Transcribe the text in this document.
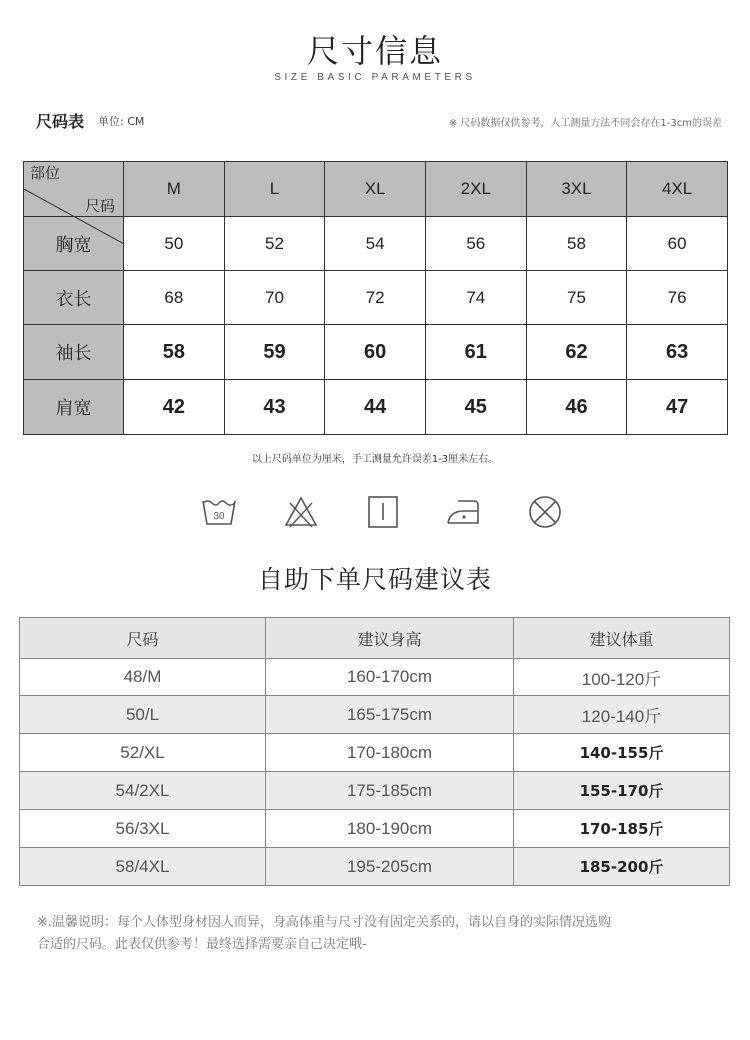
尺寸信息
SIZE BASIC PARAMETERS
尺码表 单位: CM	※ 尺码数据仅供参考，人工测量方法不同会存在1-3cm的误差
尺码
部位	M	L	XL	2XL	3XL	4XL
胸宽	50	52	54	56	58	60
衣长	68	70	72	74	75	76
袖长	58	59	60	61	62	63
肩宽	42	43	44	45	46	47
以上尺码单位为厘米，手工测量允许误差1-3厘米左右。
30
自助下单尺码建议表
尺码	建议身高	建议体重
48/M	160-170cm	100-120斤
50/L	165-175cm	120-140斤
52/XL	170-180cm	140-155斤
54/2XL	175-185cm	155-170斤
56/3XL	180-190cm	170-185斤
58/4XL	195-205cm	185-200斤
※.温馨说明：每个人体型身材因人而异，身高体重与尺寸没有固定关系的，请以自身的实际情况选购
合适的尺码。此表仅供参考！最终选择需要亲自己决定哦-
